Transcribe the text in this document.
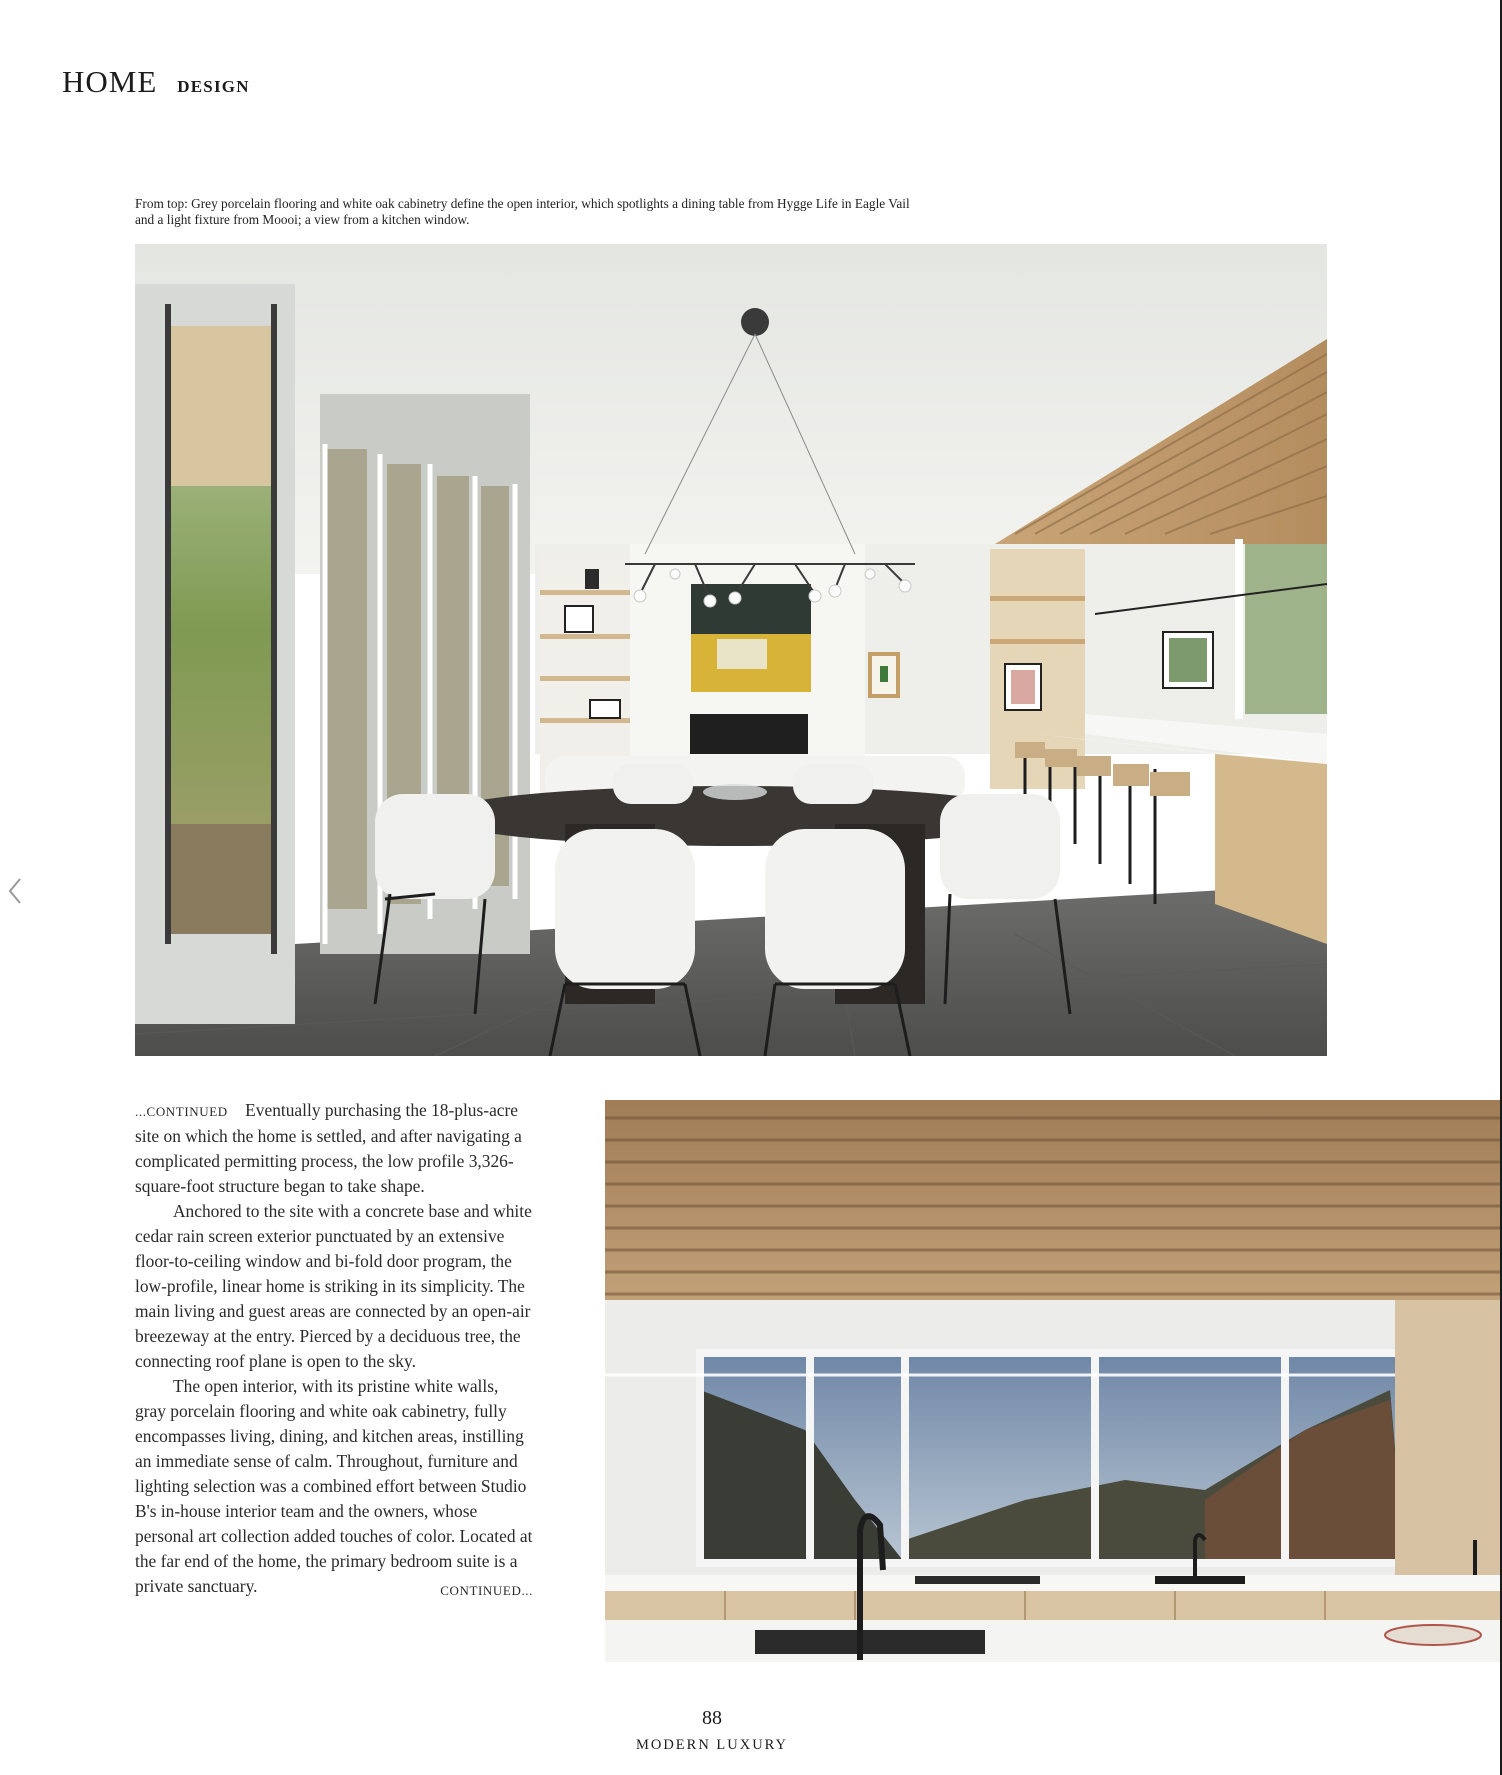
HOME DESIGN
From top: Grey porcelain flooring and white oak cabinetry define the open interior, which spotlights a dining table from Hygge Life in Eagle Vail and a light fixture from Moooi; a view from a kitchen window.

...CONTINUED Eventually purchasing the 18-plus-acre site on which the home is settled, and after navigating a complicated permitting process, the low profile 3,326-square-foot structure began to take shape.

Anchored to the site with a concrete base and white cedar rain screen exterior punctuated by an extensive floor-to-ceiling window and bi-fold door program, the low-profile, linear home is striking in its simplicity. The main living and guest areas are connected by an open-air breezeway at the entry. Pierced by a deciduous tree, the connecting roof plane is open to the sky.

The open interior, with its pristine white walls, gray porcelain flooring and white oak cabinetry, fully encompasses living, dining, and kitchen areas, instilling an immediate sense of calm. Throughout, furniture and lighting selection was a combined effort between Studio B's in-house interior team and the owners, whose personal art collection added touches of color. Located at the far end of the home, the primary bedroom suite is a private sanctuary.	CONTINUED...

88
MODERN LUXURY
